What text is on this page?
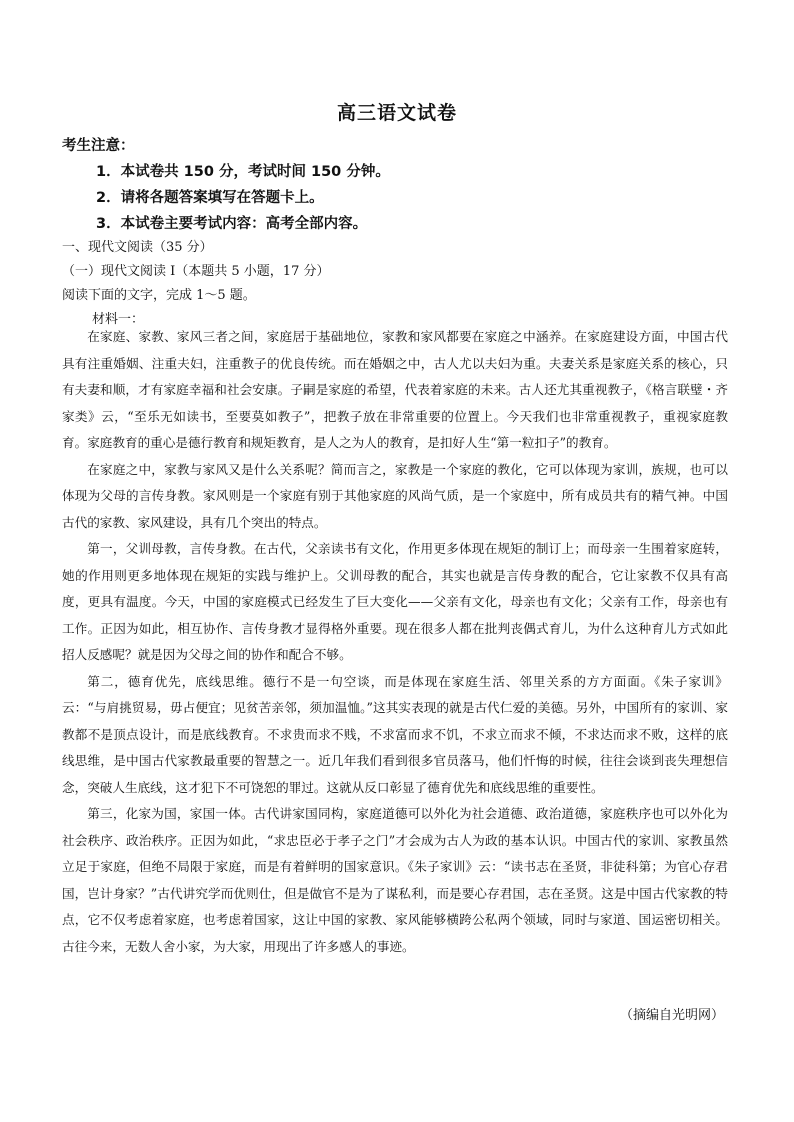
高三语文试卷
考生注意：
1．本试卷共 150 分，考试时间 150 分钟。
2．请将各题答案填写在答题卡上。
3．本试卷主要考试内容：高考全部内容。
一、现代文阅读（35 分）
（一）现代文阅读 I（本题共 5 小题，17 分）
阅读下面的文字，完成 1～5 题。
材料一：

在家庭、家教、家风三者之间，家庭居于基础地位，家教和家风都要在家庭之中涵养。在家庭建设方面，中国古代具有注重婚姻、注重夫妇，注重教子的优良传统。而在婚姻之中，古人尤以夫妇为重。夫妻关系是家庭关系的核心，只有夫妻和顺，才有家庭幸福和社会安康。子嗣是家庭的希望，代表着家庭的未来。古人还尤其重视教子，《格言联璧・齐家类》云，“至乐无如读书，至要莫如教子”，把教子放在非常重要的位置上。今天我们也非常重视教子，重视家庭教育。家庭教育的重心是德行教育和规矩教育，是人之为人的教育，是扣好人生“第一粒扣子”的教育。

在家庭之中，家教与家风又是什么关系呢？简而言之，家教是一个家庭的教化，它可以体现为家训，族规，也可以体现为父母的言传身教。家风则是一个家庭有别于其他家庭的风尚气质，是一个家庭中，所有成员共有的精气神。中国古代的家教、家风建设，具有几个突出的特点。

第一，父训母教，言传身教。在古代，父亲读书有文化，作用更多体现在规矩的制订上；而母亲一生围着家庭转，她的作用则更多地体现在规矩的实践与维护上。父训母教的配合，其实也就是言传身教的配合，它让家教不仅具有高度，更具有温度。今天，中国的家庭模式已经发生了巨大变化——父亲有文化，母亲也有文化；父亲有工作，母亲也有工作。正因为如此，相互协作、言传身教才显得格外重要。现在很多人都在批判丧偶式育儿，为什么这种育儿方式如此招人反感呢？就是因为父母之间的协作和配合不够。

第二，德育优先，底线思维。德行不是一句空谈，而是体现在家庭生活、邻里关系的方方面面。《朱子家训》云：“与肩挑贸易，毋占便宜；见贫苦亲邻，须加温恤。”这其实表现的就是古代仁爱的美德。另外，中国所有的家训、家教都不是顶点设计，而是底线教育。不求贵而求不贱，不求富而求不饥，不求立而求不倾，不求达而求不败，这样的底线思维，是中国古代家教最重要的智慧之一。近几年我们看到很多官员落马，他们忏悔的时候，往往会谈到丧失理想信念，突破人生底线，这才犯下不可饶恕的罪过。这就从反口彰显了德育优先和底线思维的重要性。

第三，化家为国，家国一体。古代讲家国同构，家庭道德可以外化为社会道德、政治道德，家庭秩序也可以外化为社会秩序、政治秩序。正因为如此，“求忠臣必于孝子之门”才会成为古人为政的基本认识。中国古代的家训、家教虽然立足于家庭，但绝不局限于家庭，而是有着鲜明的国家意识。《朱子家训》云：“读书志在圣贤，非徒科第；为官心存君国，岂计身家？”古代讲究学而优则仕，但是做官不是为了谋私利，而是要心存君国，志在圣贤。这是中国古代家教的特点，它不仅考虑着家庭，也考虑着国家，这让中国的家教、家风能够横跨公私两个领域，同时与家道、国运密切相关。古往今来，无数人舍小家，为大家，用现出了许多感人的事迹。

（摘编自光明网）
